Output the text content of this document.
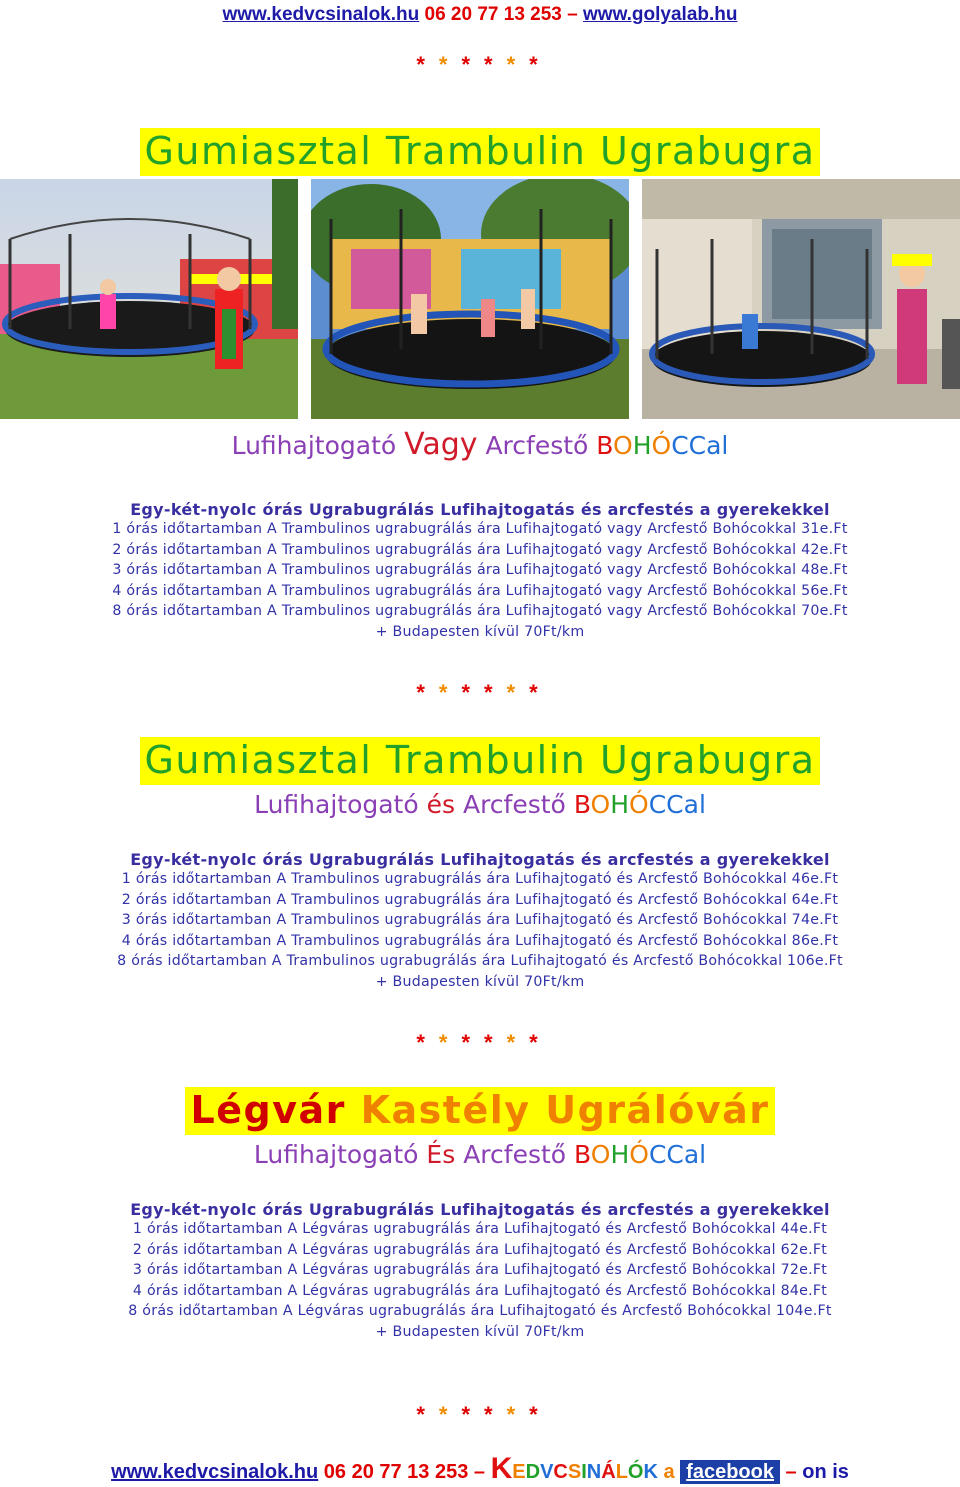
www.kedvcsinalok.hu 06 20 77 13 253 – www.golyalab.hu
* * * * * *
Gumiasztal Trambulin Ugrabugra
Lufihajtogató Vagy Arcfestő BOHÓCCal
Egy-két-nyolc órás Ugrabugrálás Lufihajtogatás és arcfestés a gyerekekkel
1 órás időtartamban A Trambulinos ugrabugrálás ára Lufihajtogató vagy Arcfestő Bohócokkal 31e.Ft
2 órás időtartamban A Trambulinos ugrabugrálás ára Lufihajtogató vagy Arcfestő Bohócokkal 42e.Ft
3 órás időtartamban A Trambulinos ugrabugrálás ára Lufihajtogató vagy Arcfestő Bohócokkal 48e.Ft
4 órás időtartamban A Trambulinos ugrabugrálás ára Lufihajtogató vagy Arcfestő Bohócokkal 56e.Ft
8 órás időtartamban A Trambulinos ugrabugrálás ára Lufihajtogató vagy Arcfestő Bohócokkal 70e.Ft
+ Budapesten kívül 70Ft/km
* * * * * *
Gumiasztal Trambulin Ugrabugra
Lufihajtogató és Arcfestő BOHÓCCal
Egy-két-nyolc órás Ugrabugrálás Lufihajtogatás és arcfestés a gyerekekkel
1 órás időtartamban A Trambulinos ugrabugrálás ára Lufihajtogató és Arcfestő Bohócokkal 46e.Ft
2 órás időtartamban A Trambulinos ugrabugrálás ára Lufihajtogató és Arcfestő Bohócokkal 64e.Ft
3 órás időtartamban A Trambulinos ugrabugrálás ára Lufihajtogató és Arcfestő Bohócokkal 74e.Ft
4 órás időtartamban A Trambulinos ugrabugrálás ára Lufihajtogató és Arcfestő Bohócokkal 86e.Ft
8 órás időtartamban A Trambulinos ugrabugrálás ára Lufihajtogató és Arcfestő Bohócokkal 106e.Ft
+ Budapesten kívül 70Ft/km
* * * * * *
Légvár Kastély Ugrálóvár
Lufihajtogató És Arcfestő BOHÓCCal
Egy-két-nyolc órás Ugrabugrálás Lufihajtogatás és arcfestés a gyerekekkel
1 órás időtartamban A Légváras ugrabugrálás ára Lufihajtogató és Arcfestő Bohócokkal 44e.Ft
2 órás időtartamban A Légváras ugrabugrálás ára Lufihajtogató és Arcfestő Bohócokkal 62e.Ft
3 órás időtartamban A Légváras ugrabugrálás ára Lufihajtogató és Arcfestő Bohócokkal 72e.Ft
4 órás időtartamban A Légváras ugrabugrálás ára Lufihajtogató és Arcfestő Bohócokkal 84e.Ft
8 órás időtartamban A Légváras ugrabugrálás ára Lufihajtogató és Arcfestő Bohócokkal 104e.Ft
+ Budapesten kívül 70Ft/km
* * * * * *
www.kedvcsinalok.hu 06 20 77 13 253 – KEDVCSINÁLÓK a facebook – on is
